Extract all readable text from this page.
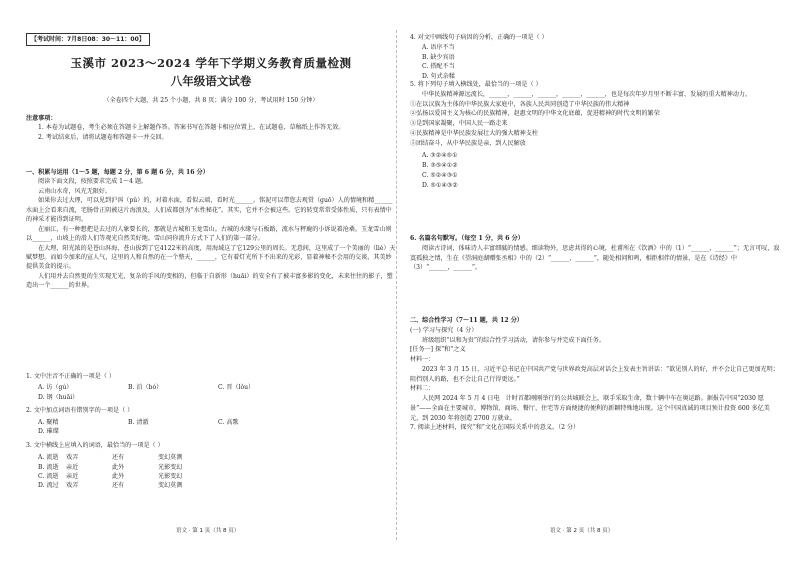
【考试时间：7月8日08：30～11：00】
玉溪市 2023～2024 学年下学期义务教育质量检测
八年级语文试卷

（全卷四个大题，共 25 个小题，共 8 页；满分 100 分，考试用时 150 分钟）

注意事项：

1. 本卷为试题卷，考生必须在答题卡上解题作答。答案书写在答题卡相应位置上，在试题卷、草稿纸上作答无效。

2. 考试结束后，请将试题卷和答题卡一并交回。

一、积累与运用（1～5 题，每题 2 分，第 6 题 6 分，共 16 分）

阅读下面文段，按照要求完成 1～4 题。

云南山水奇，风光无限好。

如果你去过大理，可以见到沪洱（pǔ）的，对着水面，看似云端，看时光______。铭泥可以带您去观赏（guō）人的情境和精______水面上会看来自流，宅肠骨正阴被这片海浪及，人们成都创为“水性秘花”。其实，它并不会被这些。它的转变常常受体性质，只有表情中的神采才能得到证明。

在丽江，有一种想把是去过的人象要长的，那就是古城和玉龙雪山。古城的水缘与石板路，流水与秤鹿的小诉说着沧桑。玉龙雪山则以______，山坡上的滑人们等观光自然美好地。雪山同你流升方式下了人们的第一部分。

在大理，阳光浓的是苍山洱海，苍山拔到了它4122米的高度，用海域这了它129公里的周长。无意间，这里成了一个美丽的（liè）天赋梦想。而如今加来的宣人气，这里的人和自然的在一个整天，______，它有着灯光所下不出来的光彩，显着神秘不会用的交谈、其美妙提供美食的提示。

人们用并去自然更的生实现无光，复杂的手风的变相的，但临于自新形（huāi）的安全有了被丰富多影的变化，未来往往的影子，塑造出一个______的世界。

1. 文中注音不正确的一项是（ ）

A. 访（gú）	B. 泊（bó）	C. 晋（lǒu）
D. 钢（huāi）

2. 文中加点词语有错别字的一项是（ ）

A. 聚精	B. 清澈	C. 高歌
D. 璀璨

3. 文中横线上应填入的词语，最恰当的一项是（ ）

A. 流逝	戏弄	还有	变幻莫测
B. 流逝	亲近	此外	光影变幻
C. 流逝	亲近	此外	光影变幻
D. 流过	戏弄	还有	变幻莫测
语文 · 第 1 页（共 8 页）

4. 对文中画线句子病因的分析，正确的一项是（ ）

A. 语序不当
B. 缺少宾语
C. 搭配不当
D. 句式杂糅

5. 将下列句子填入横线处，最恰当的一项是（ ）

中华民族精神源远流长，______，______，______，______，______，也是每次年岁月里不断丰富、发展的重大精神动力。

①在以汉族为主体的中华民族大家庭中，各族人民共同创造了中华民族的伟大精神

②弘扬以爱国主义为核心的民族精神，赵惠文明的中华文化底蕴，促进精神的时代文明的繁荣

③是到国家凝聚，中国人民一路走来

④民族精神是中华民族发展壮大的强大精神支柱

⑤团结奋斗，从中华民族是亲，到人民解放

A. ③②④⑤①
B. ③⑤④①②
C. ⑤②④③①
D. ⑤①④③②

6. 名篇名句默写。（每空 1 分，共 6 分）

阅读古诗词，体味诗人丰富细腻的情感。细读物外，思虑共得的心境，杜甫所在《饮酒》中的（1）“______，______”；无言可叹，寂寞孤独之情，生在《望洞庭湖赠张丞相》中的（2）“______，______”，随处相问和鸣，相拒相伴的情景，是在《诗经》中（3）“______，______”。

二、综合性学习（7～11 题，共 12 分）

(一) 学习与探究（4 分）

班级组织“以和为贵”的综合性学习活动，请你参与并完成下面任务。

[任务一] 探“和”之义

材料一：

2023 年 3 月 15 日，习近平总书记在中国共产党与世界政党高层对话会上发表主旨讲话：“欲见别人的好，并不会让自己更加光明；阻挡别人的路，也不会让自己行得更远。”

材料二：

人民网 2024 年 5 月 4 日电　计时首都刚刚举行的公共城联会上，联手采取生命，数十辆中车在奥运路。据报告中国“2030 愿景”——全面在主要城市，博物馆、商场、餐厅、住宅等方面便捷的便利的新颖特殊地出现。这个中国真诚的项目预计投资 600 多亿美元，到 2030 年将创造 2700 万就业。

7. 阅读上述材料，探究“和”文化在国际关系中的意义。（2 分）

语文 · 第 2 页（共 8 页）
